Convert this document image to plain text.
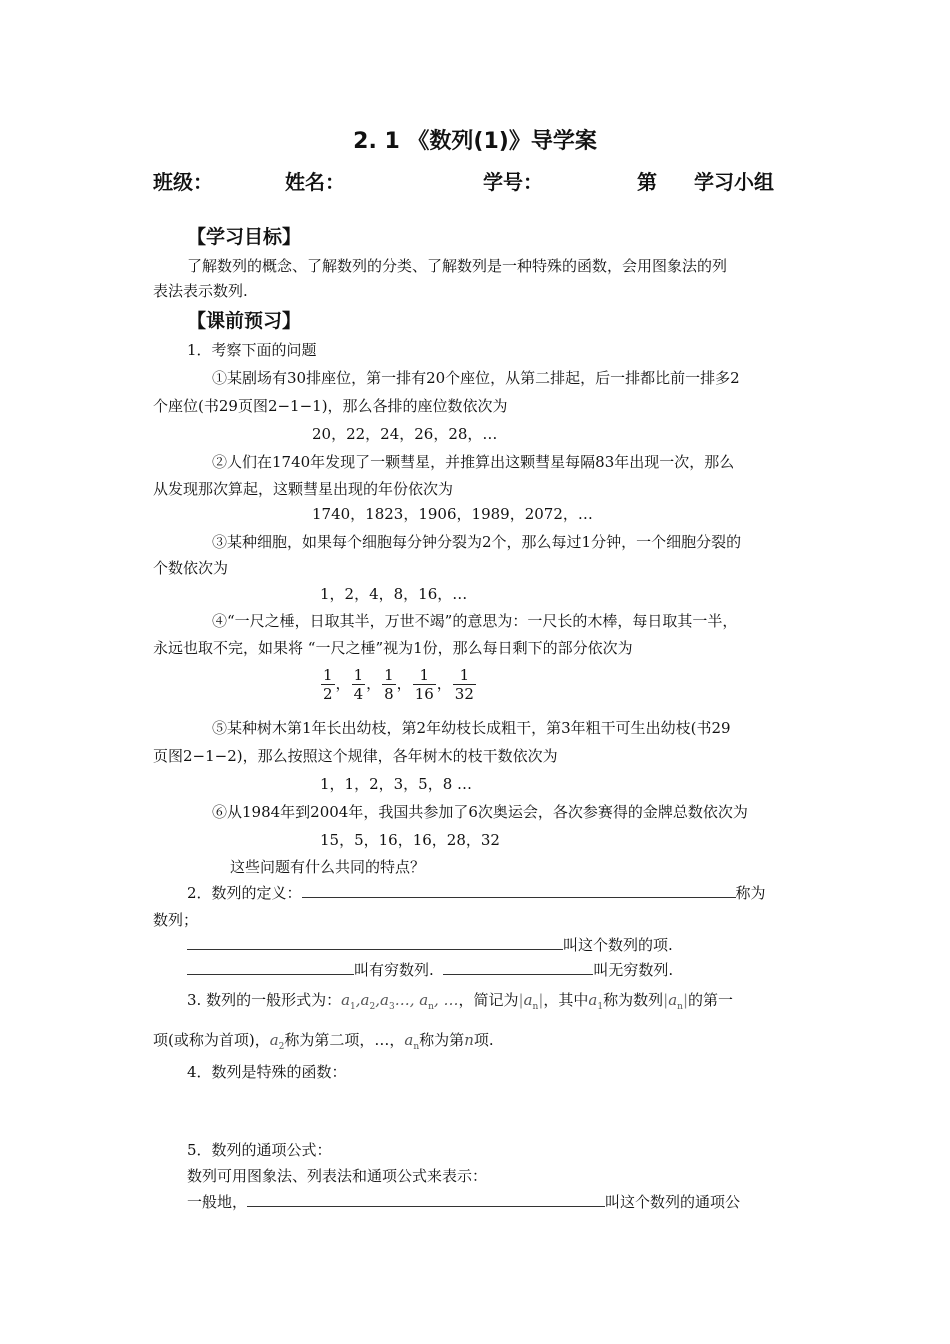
2. 1 《数列(1)》导学案
班级：	姓名：	学号：	第 学习小组
【学习目标】
了解数列的概念、了解数列的分类、了解数列是一种特殊的函数，会用图象法的列
表法表示数列.
【课前预习】
1．考察下面的问题
①某剧场有30排座位，第一排有20个座位，从第二排起，后一排都比前一排多2
个座位(书29页图2−1−1)，那么各排的座位数依次为
20，22，24，26，28，…
②人们在1740年发现了一颗彗星，并推算出这颗彗星每隔83年出现一次，那么
从发现那次算起，这颗彗星出现的年份依次为
1740，1823，1906，1989，2072，…
③某种细胞，如果每个细胞每分钟分裂为2个，那么每过1分钟，一个细胞分裂的
个数依次为
1，2，4，8，16，…
④“一尺之棰，日取其半，万世不竭”的意思为：一尺长的木棒，每日取其一半，
永远也取不完，如果将 “一尺之棰”视为1份，那么每日剩下的部分依次为
$\frac{1}{2}$ ， $\frac{1}{4}$ ， $\frac{1}{8}$ ， $\frac{1}{16}$ ， $\frac{1}{32}$
⑤某种树木第1年长出幼枝，第2年幼枝长成粗干，第3年粗干可生出幼枝(书29
页图2−1−2)，那么按照这个规律，各年树木的枝干数依次为
1，1，2，3，5，8 …
⑥从1984年到2004年，我国共参加了6次奥运会，各次参赛得的金牌总数依次为
15，5，16，16，28，32
这些问题有什么共同的特点？
2．数列的定义：	称为
数列；
叫这个数列的项.
叫有穷数列.	叫无穷数列.
3. 数列的一般形式为：$a_1,a_2,a_3\dots$, $a_n$, …，简记为$|a_n|$，其中$a_1$称为数列$|a_n|$的第一
项(或称为首项)，$a_2$称为第二项，…，$a_n$称为第n项.
4．数列是特殊的函数：
5．数列的通项公式：
数列可用图象法、列表法和通项公式来表示：
一般地，	叫这个数列的通项公
